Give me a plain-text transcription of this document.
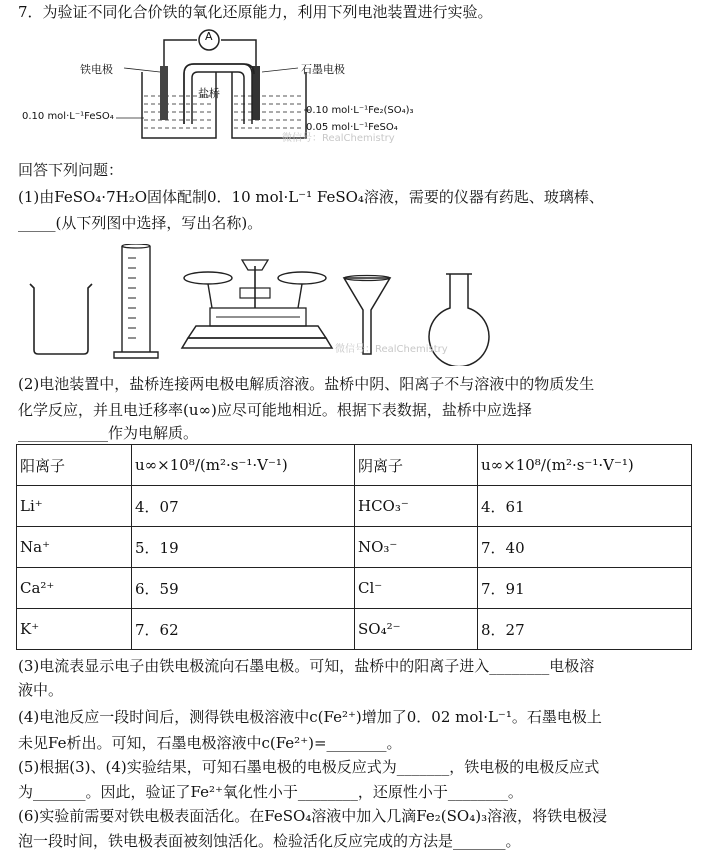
7．为验证不同化合价铁的氧化还原能力，利用下列电池装置进行实验。
A
铁电极	石墨电极
盐桥
0.10 mol·L⁻¹FeSO₄
0.10 mol·L⁻¹Fe₂(SO₄)₃
0.05 mol·L⁻¹FeSO₄
微信号：RealChemistry
回答下列问题：
(1)由FeSO₄·7H₂O固体配制0．10 mol·L⁻¹ FeSO₄溶液，需要的仪器有药匙、玻璃棒、
_____(从下列图中选择，写出名称)。
微信号：RealChemistry
(2)电池装置中，盐桥连接两电极电解质溶液。盐桥中阴、阳离子不与溶液中的物质发生
化学反应，并且电迁移率(u∞)应尽可能地相近。根据下表数据，盐桥中应选择
____________作为电解质。
阳离子	u∞×10⁸/(m²·s⁻¹·V⁻¹)	阴离子	u∞×10⁸/(m²·s⁻¹·V⁻¹)
Li⁺	4．07	HCO₃⁻	4．61
Na⁺	5．19	NO₃⁻	7．40
Ca²⁺	6．59	Cl⁻	7．91
K⁺	7．62	SO₄²⁻	8．27
(3)电流表显示电子由铁电极流向石墨电极。可知，盐桥中的阳离子进入________电极溶
液中。
(4)电池反应一段时间后，测得铁电极溶液中c(Fe²⁺)增加了0．02 mol·L⁻¹。石墨电极上
未见Fe析出。可知，石墨电极溶液中c(Fe²⁺)=________。
(5)根据(3)、(4)实验结果，可知石墨电极的电极反应式为_______，铁电极的电极反应式
为_______。因此，验证了Fe²⁺氧化性小于________，还原性小于________。
(6)实验前需要对铁电极表面活化。在FeSO₄溶液中加入几滴Fe₂(SO₄)₃溶液，将铁电极浸
泡一段时间，铁电极表面被刻蚀活化。检验活化反应完成的方法是_______。
